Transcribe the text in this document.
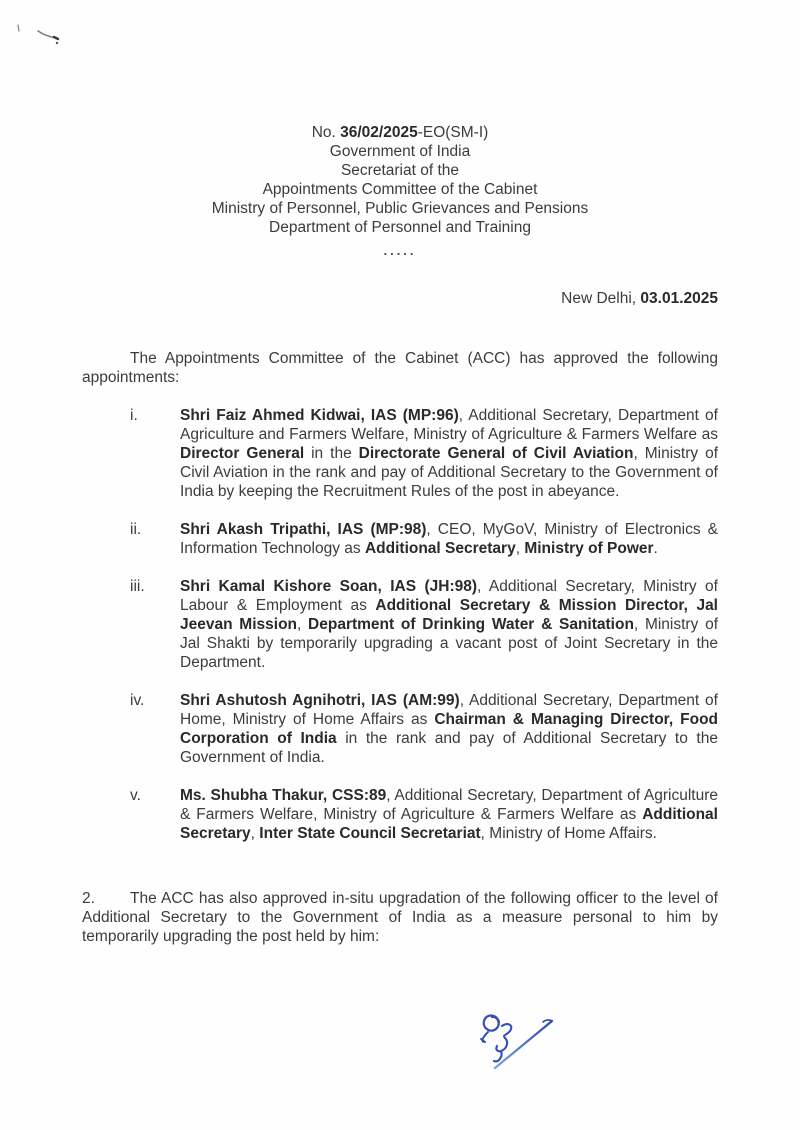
No. 36/02/2025-EO(SM-I)
Government of India
Secretariat of the
Appointments Committee of the Cabinet
Ministry of Personnel, Public Grievances and Pensions
Department of Personnel and Training
.....
New Delhi, 03.01.2025

The Appointments Committee of the Cabinet (ACC) has approved the following appointments:

i.	Shri Faiz Ahmed Kidwai, IAS (MP:96), Additional Secretary, Department of Agriculture and Farmers Welfare, Ministry of Agriculture & Farmers Welfare as Director General in the Directorate General of Civil Aviation, Ministry of Civil Aviation in the rank and pay of Additional Secretary to the Government of India by keeping the Recruitment Rules of the post in abeyance.
ii.	Shri Akash Tripathi, IAS (MP:98), CEO, MyGoV, Ministry of Electronics & Information Technology as Additional Secretary, Ministry of Power.
iii.	Shri Kamal Kishore Soan, IAS (JH:98), Additional Secretary, Ministry of Labour & Employment as Additional Secretary & Mission Director, Jal Jeevan Mission, Department of Drinking Water & Sanitation, Ministry of Jal Shakti by temporarily upgrading a vacant post of Joint Secretary in the Department.
iv.	Shri Ashutosh Agnihotri, IAS (AM:99), Additional Secretary, Department of Home, Ministry of Home Affairs as Chairman & Managing Director, Food Corporation of India in the rank and pay of Additional Secretary to the Government of India.
v.	Ms. Shubha Thakur, CSS:89, Additional Secretary, Department of Agriculture & Farmers Welfare, Ministry of Agriculture & Farmers Welfare as Additional Secretary, Inter State Council Secretariat, Ministry of Home Affairs.

2. The ACC has also approved in-situ upgradation of the following officer to the level of Additional Secretary to the Government of India as a measure personal to him by temporarily upgrading the post held by him:
